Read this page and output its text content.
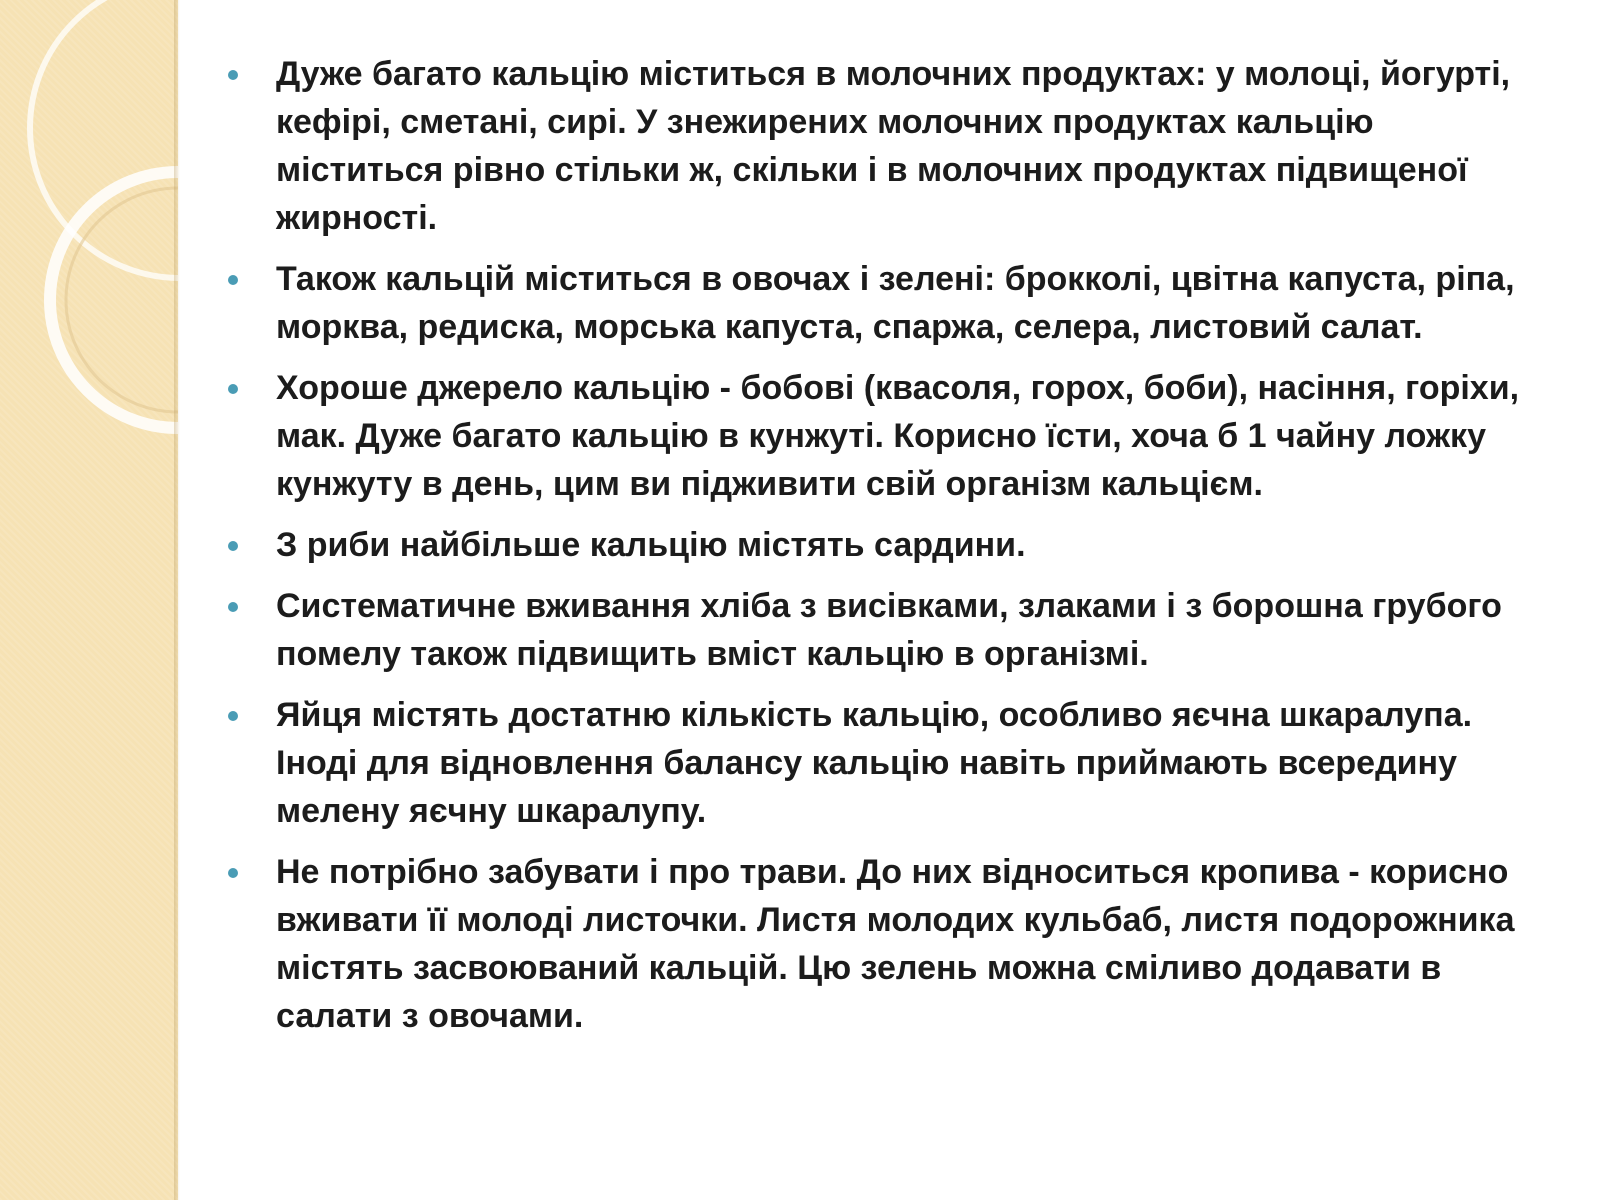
Дуже багато кальцію міститься в молочних продуктах: у молоці, йогурті, кефірі, сметані, сирі. У знежирених молочних продуктах кальцію міститься рівно стільки ж, скільки і в молочних продуктах підвищеної жирності.
Також кальцій міститься в овочах і зелені: брокколі, цвітна капуста, ріпа, морква, редиска, морська капуста, спаржа, селера, листовий салат.
Хороше джерело кальцію - бобові (квасоля, горох, боби), насіння, горіхи, мак. Дуже багато кальцію в кунжуті. Корисно їсти, хоча б 1 чайну ложку кунжуту в день, цим ви підживити свій організм кальцієм.
З риби найбільше кальцію містять сардини.
Систематичне вживання хліба з висівками, злаками і з борошна грубого помелу також підвищить вміст кальцію в організмі.
Яйця містять достатню кількість кальцію, особливо яєчна шкаралупа. Іноді для відновлення балансу кальцію навіть приймають всередину мелену яєчну шкаралупу.
Не потрібно забувати і про трави. До них відноситься кропива - корисно вживати її молоді листочки. Листя молодих кульбаб, листя подорожника містять засвоюваний кальцій. Цю зелень можна сміливо додавати в салати з овочами.
